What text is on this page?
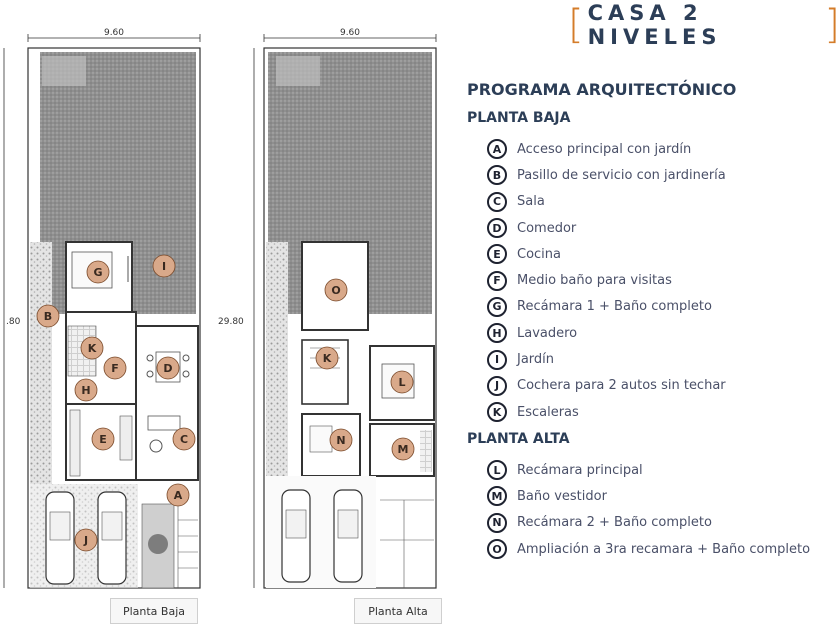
9.60
.80
G	I
B
K
F	D
H
E	C
A
J
9.60
29.80
O
K
L
N
M
Planta Baja	Planta Alta
[ CASA 2 NIVELES	]
PROGRAMA ARQUITECTÓNICO
PLANTA BAJA
A	Acceso principal con jardín
B	Pasillo de servicio con jardinería
C	Sala
D	Comedor
E	Cocina
F	Medio baño para visitas
G	Recámara 1 + Baño completo
H	Lavadero
I	Jardín
J	Cochera para 2 autos sin techar
K	Escaleras
PLANTA ALTA
L	Recámara principal
M	Baño vestidor
N	Recámara 2 + Baño completo
O	Ampliación a 3ra recamara + Baño completo
